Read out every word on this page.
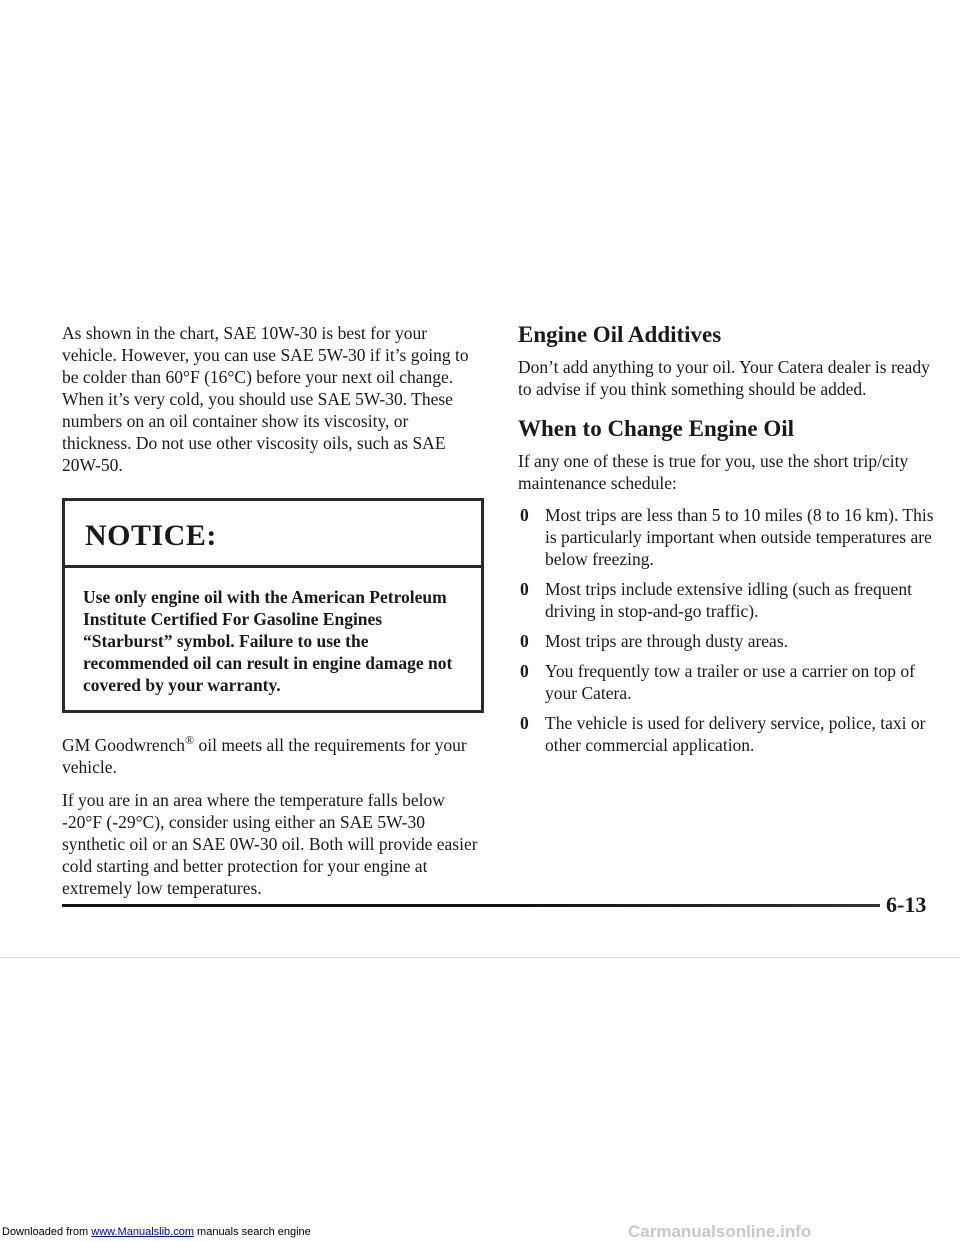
As shown in the chart, SAE 10W-30 is best for your vehicle. However, you can use SAE 5W-30 if it’s going to be colder than 60°F (16°C) before your next oil change. When it’s very cold, you should use SAE 5W-30. These numbers on an oil container show its viscosity, or thickness. Do not use other viscosity oils, such as SAE 20W-50.

NOTICE:
Use only engine oil with the American Petroleum Institute Certified For Gasoline Engines “Starburst” symbol. Failure to use the recommended oil can result in engine damage not covered by your warranty.

GM Goodwrench® oil meets all the requirements for your vehicle.

If you are in an area where the temperature falls below -20°F (-29°C), consider using either an SAE 5W-30 synthetic oil or an SAE 0W-30 oil. Both will provide easier cold starting and better protection for your engine at extremely low temperatures.

Engine Oil Additives

Don’t add anything to your oil. Your Catera dealer is ready to advise if you think something should be added.

When to Change Engine Oil

If any one of these is true for you, use the short trip/city maintenance schedule:

0 Most trips are less than 5 to 10 miles (8 to 16 km). This is particularly important when outside temperatures are below freezing.
0 Most trips include extensive idling (such as frequent driving in stop-and-go traffic).
0 Most trips are through dusty areas.
0 You frequently tow a trailer or use a carrier on top of your Catera.
0 The vehicle is used for delivery service, police, taxi or other commercial application.
6-13
Downloaded from www.Manualslib.com manuals search engine	Carmanualsonline.info
